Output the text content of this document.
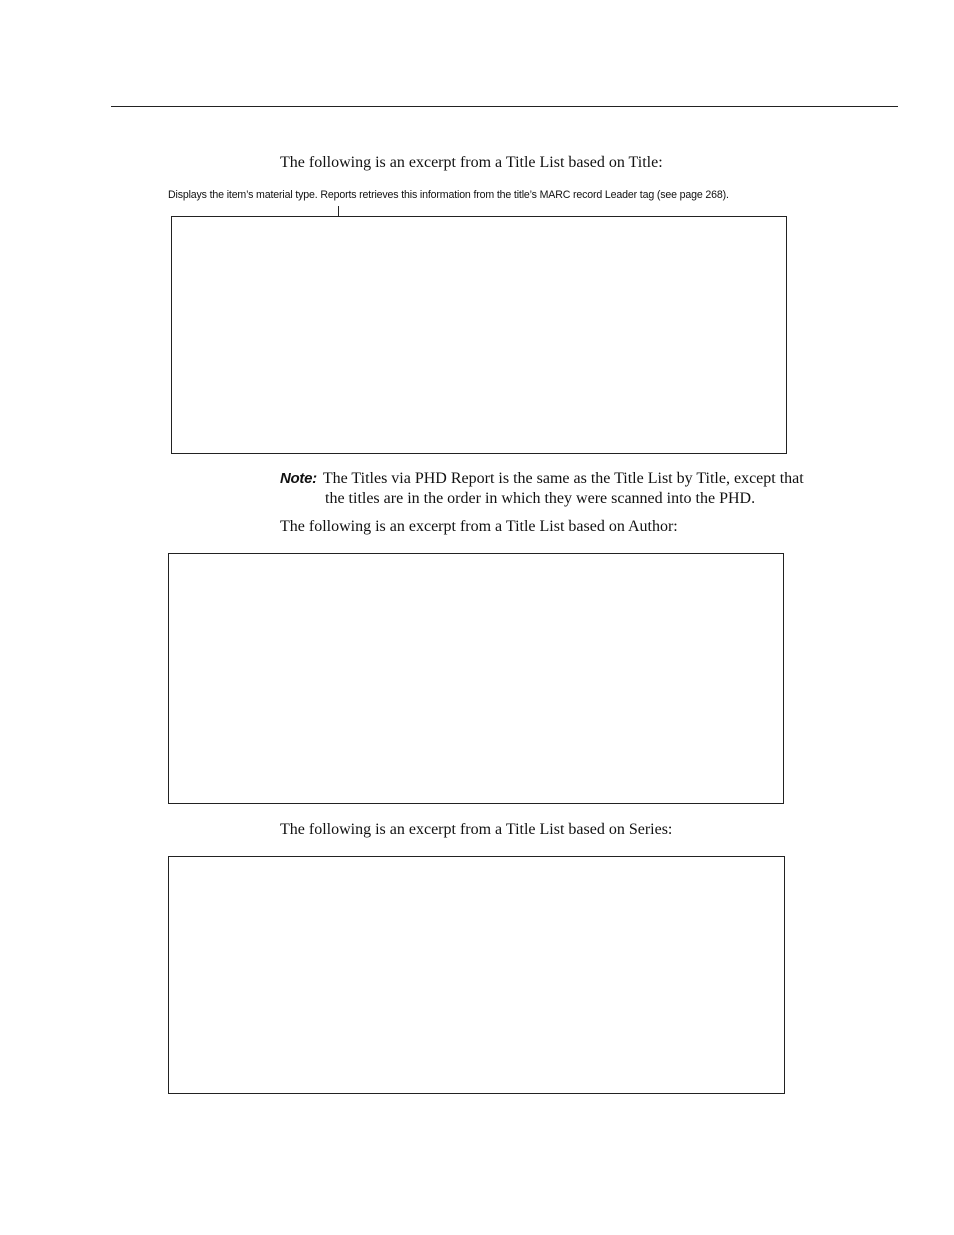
The following is an excerpt from a Title List based on Title:
Displays the item’s material type. Reports retrieves this information from the title’s MARC record Leader tag (see page 268).
Note: The Titles via PHD Report is the same as the Title List by Title, except that
the titles are in the order in which they were scanned into the PHD.
The following is an excerpt from a Title List based on Author:
The following is an excerpt from a Title List based on Series:
